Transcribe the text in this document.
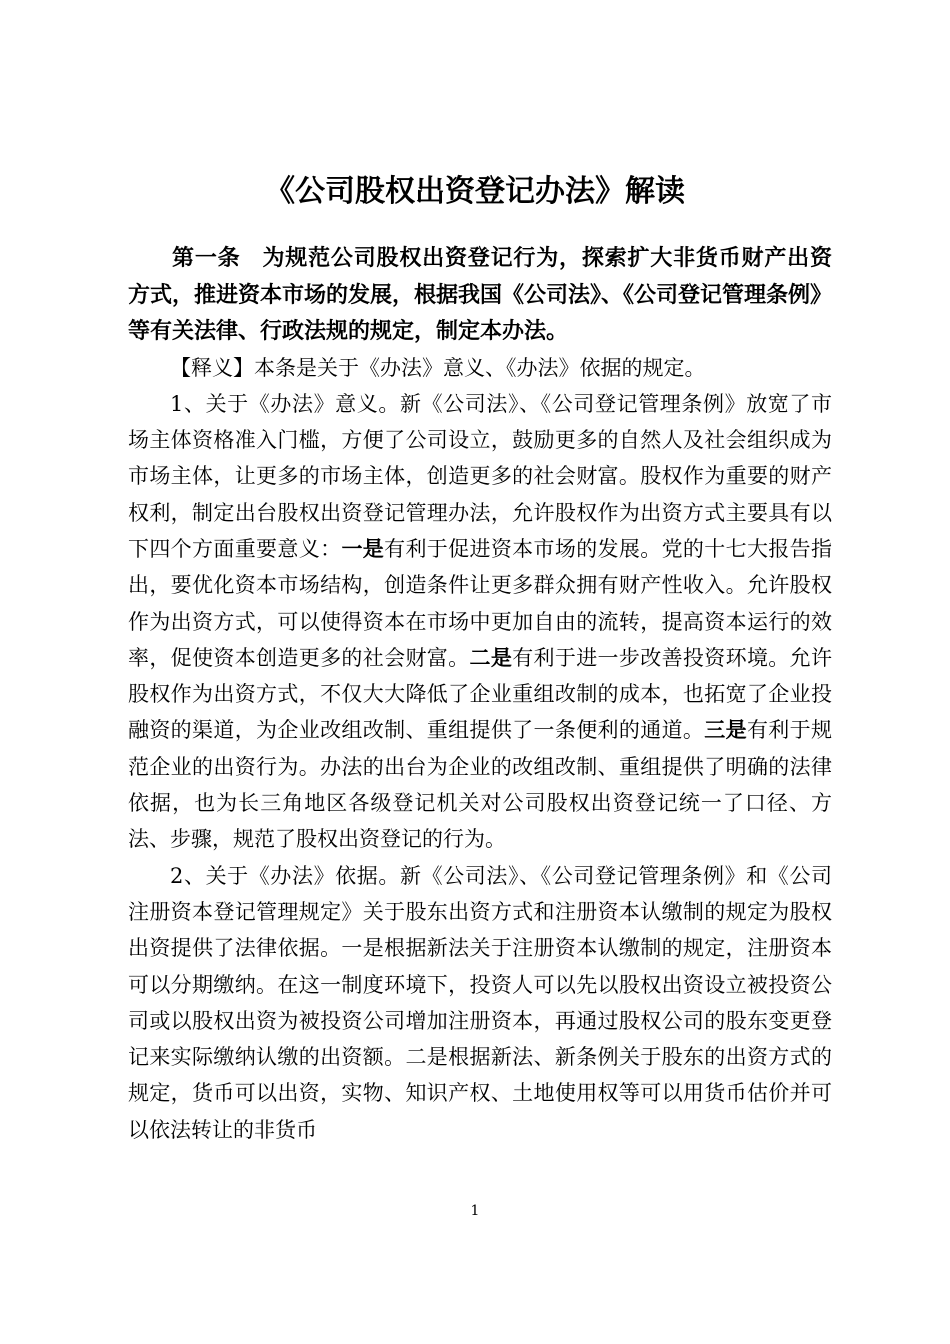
《公司股权出资登记办法》解读

第一条 为规范公司股权出资登记行为，探索扩大非货币财产出资方式，推进资本市场的发展，根据我国《公司法》、《公司登记管理条例》等有关法律、行政法规的规定，制定本办法。

【释义】本条是关于《办法》意义、《办法》依据的规定。

1、关于《办法》意义。新《公司法》、《公司登记管理条例》放宽了市场主体资格准入门槛，方便了公司设立，鼓励更多的自然人及社会组织成为市场主体，让更多的市场主体，创造更多的社会财富。股权作为重要的财产权利，制定出台股权出资登记管理办法，允许股权作为出资方式主要具有以下四个方面重要意义：一是有利于促进资本市场的发展。党的十七大报告指出，要优化资本市场结构，创造条件让更多群众拥有财产性收入。允许股权作为出资方式，可以使得资本在市场中更加自由的流转，提高资本运行的效率，促使资本创造更多的社会财富。二是有利于进一步改善投资环境。允许股权作为出资方式，不仅大大降低了企业重组改制的成本，也拓宽了企业投融资的渠道，为企业改组改制、重组提供了一条便利的通道。三是有利于规范企业的出资行为。办法的出台为企业的改组改制、重组提供了明确的法律依据，也为长三角地区各级登记机关对公司股权出资登记统一了口径、方法、步骤，规范了股权出资登记的行为。

2、关于《办法》依据。新《公司法》、《公司登记管理条例》和《公司注册资本登记管理规定》关于股东出资方式和注册资本认缴制的规定为股权出资提供了法律依据。一是根据新法关于注册资本认缴制的规定，注册资本可以分期缴纳。在这一制度环境下，投资人可以先以股权出资设立被投资公司或以股权出资为被投资公司增加注册资本，再通过股权公司的股东变更登记来实际缴纳认缴的出资额。二是根据新法、新条例关于股东的出资方式的规定，货币可以出资，实物、知识产权、土地使用权等可以用货币估价并可以依法转让的非货币

1
